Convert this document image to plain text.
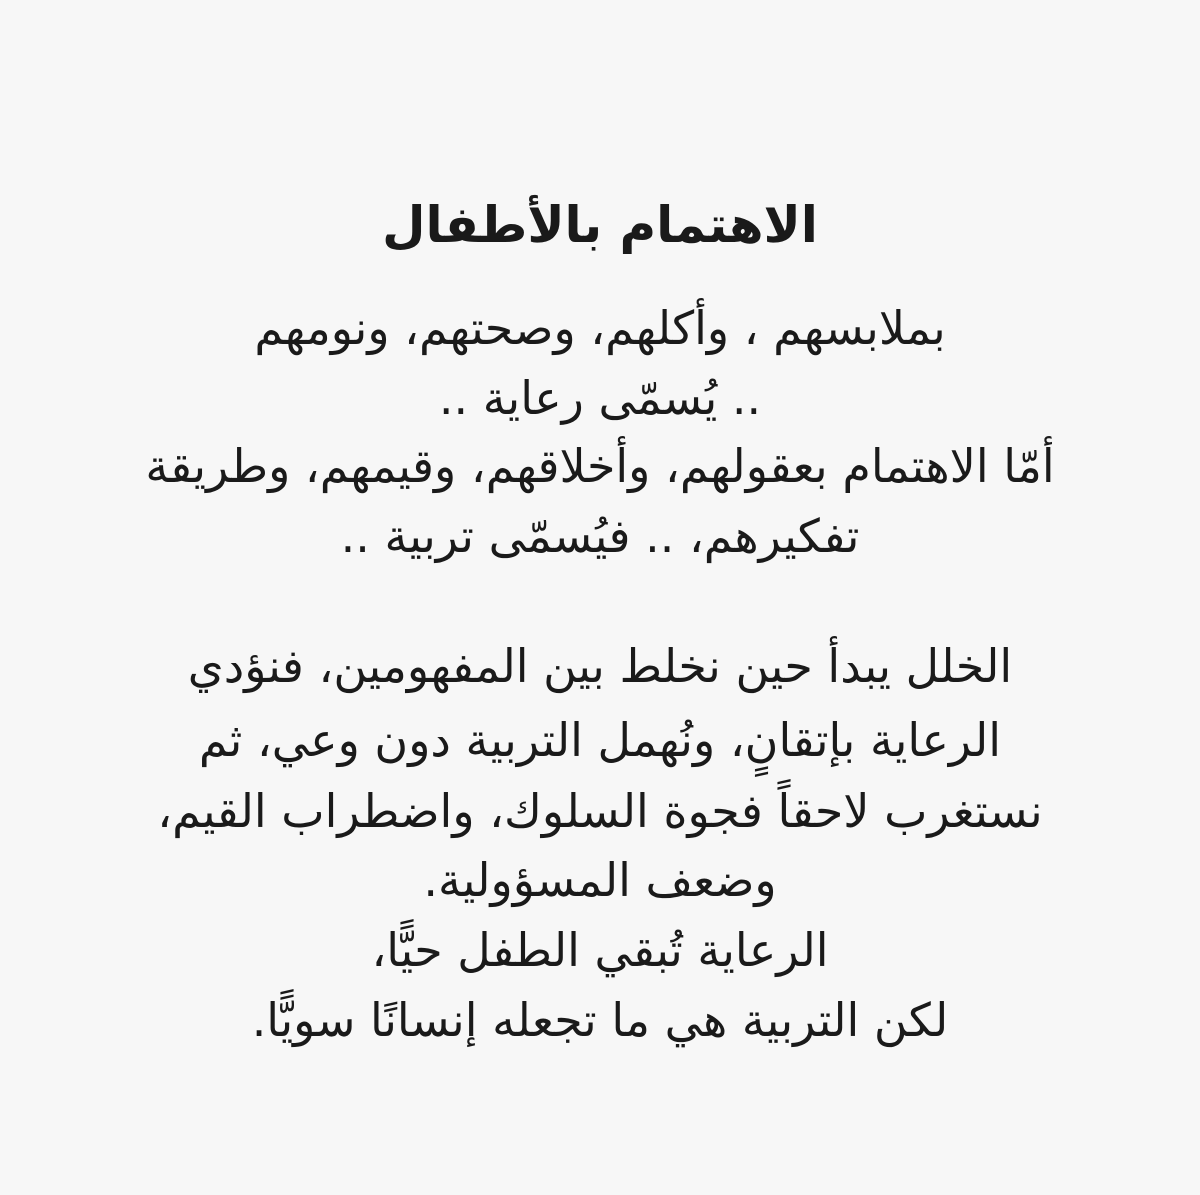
الاهتمام بالأطفال

بملابسهم ، وأكلهم، وصحتهم، ونومهم

.. يُسمّى رعاية ..

أمّا الاهتمام بعقولهم، وأخلاقهم، وقيمهم، وطريقة

تفكيرهم، .. فيُسمّى تربية ..

الخلل يبدأ حين نخلط بين المفهومين، فنؤدي

الرعاية بإتقانٍ، ونُهمل التربية دون وعي، ثم

نستغرب لاحقاً فجوة السلوك، واضطراب القيم،

وضعف المسؤولية.

الرعاية تُبقي الطفل حيًّا،

لكن التربية هي ما تجعله إنسانًا سويًّا.
